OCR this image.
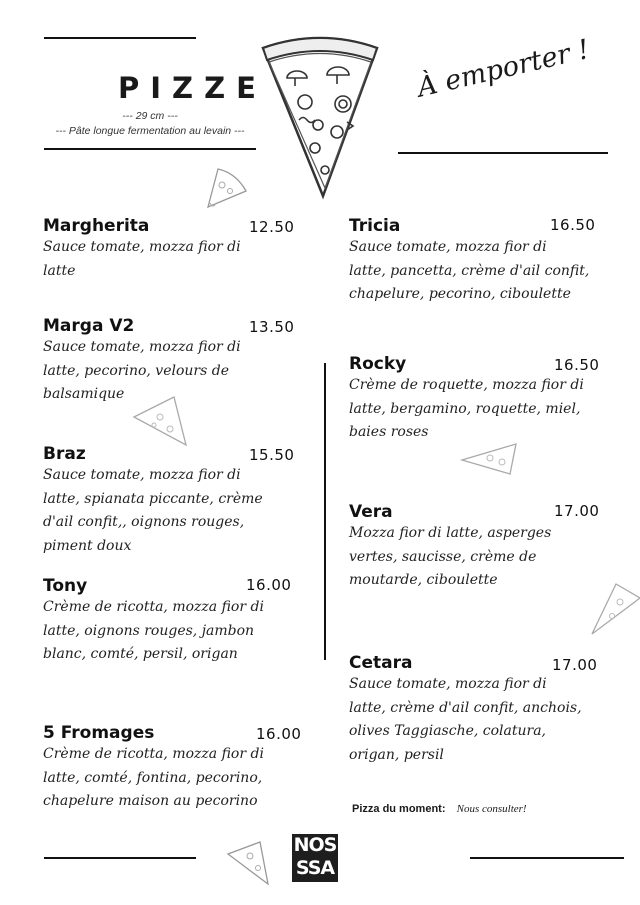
PIZZE
--- 29 cm ---
--- Pâte longue fermentation au levain ---
À emporter !
Margherita	12.50
Sauce tomate, mozza fior di
latte
Marga V2	13.50
Sauce tomate, mozza fior di
latte, pecorino, velours de
balsamique
Braz	15.50
Sauce tomate, mozza fior di
latte, spianata piccante, crème
d'ail confit,, oignons rouges,
piment doux
Tony	16.00
Crème de ricotta, mozza fior di
latte, oignons rouges, jambon
blanc, comté, persil, origan
5 Fromages	16.00
Crème de ricotta, mozza fior di
latte, comté, fontina, pecorino,
chapelure maison au pecorino
Tricia	16.50
Sauce tomate, mozza fior di
latte, pancetta, crème d'ail confit,
chapelure, pecorino, ciboulette
Rocky	16.50
Crème de roquette, mozza fior di
latte, bergamino, roquette, miel,
baies roses
Vera	17.00
Mozza fior di latte, asperges
vertes, saucisse, crème de
moutarde, ciboulette
Cetara	17.00
Sauce tomate, mozza fior di
latte, crème d'ail confit, anchois,
olives Taggiasche, colatura,
origan, persil
Pizza du moment: Nous consulter!
NOS
SSA
